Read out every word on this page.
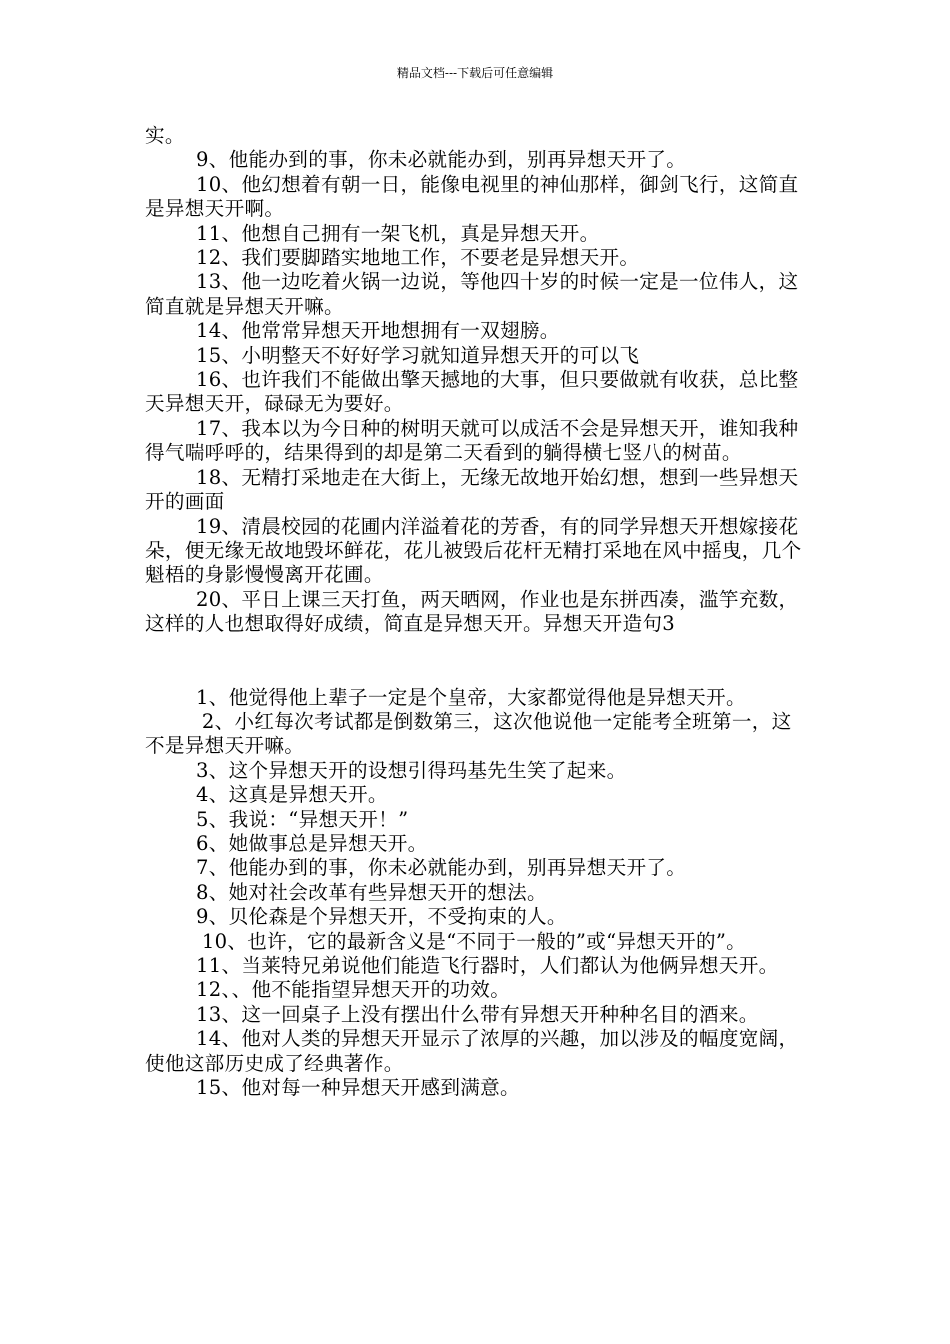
精品文档---下载后可任意编辑

实。

9、他能办到的事，你未必就能办到，别再异想天开了。

10、他幻想着有朝一日，能像电视里的神仙那样，御剑飞行，这简直是异想天开啊。

11、他想自己拥有一架飞机，真是异想天开。

12、我们要脚踏实地地工作，不要老是异想天开。

13、他一边吃着火锅一边说，等他四十岁的时候一定是一位伟人，这简直就是异想天开嘛。

14、他常常异想天开地想拥有一双翅膀。

15、小明整天不好好学习就知道异想天开的可以飞

16、也许我们不能做出擎天撼地的大事，但只要做就有收获，总比整天异想天开，碌碌无为要好。

17、我本以为今日种的树明天就可以成活不会是异想天开，谁知我种得气喘呼呼的，结果得到的却是第二天看到的躺得横七竖八的树苗。

18、无精打采地走在大街上，无缘无故地开始幻想，想到一些异想天开的画面

19、清晨校园的花圃内洋溢着花的芳香，有的同学异想天开想嫁接花朵，便无缘无故地毁坏鲜花，花儿被毁后花杆无精打采地在风中摇曳，几个魁梧的身影慢慢离开花圃。

20、平日上课三天打鱼，两天晒网，作业也是东拼西凑，滥竽充数，这样的人也想取得好成绩，简直是异想天开。异想天开造句3

1、他觉得他上辈子一定是个皇帝，大家都觉得他是异想天开。

2、小红每次考试都是倒数第三，这次他说他一定能考全班第一，这不是异想天开嘛。

3、这个异想天开的设想引得玛基先生笑了起来。

4、这真是异想天开。

5、我说：“异想天开！”

6、她做事总是异想天开。

7、他能办到的事，你未必就能办到，别再异想天开了。

8、她对社会改革有些异想天开的想法。

9、贝伦森是个异想天开，不受拘束的人。

10、也许，它的最新含义是“不同于一般的”或“异想天开的”。

11、当莱特兄弟说他们能造飞行器时，人们都认为他俩异想天开。

12、、他不能指望异想天开的功效。

13、这一回桌子上没有摆出什么带有异想天开种种名目的酒来。

14、他对人类的异想天开显示了浓厚的兴趣，加以涉及的幅度宽阔，使他这部历史成了经典著作。

15、他对每一种异想天开感到满意。
